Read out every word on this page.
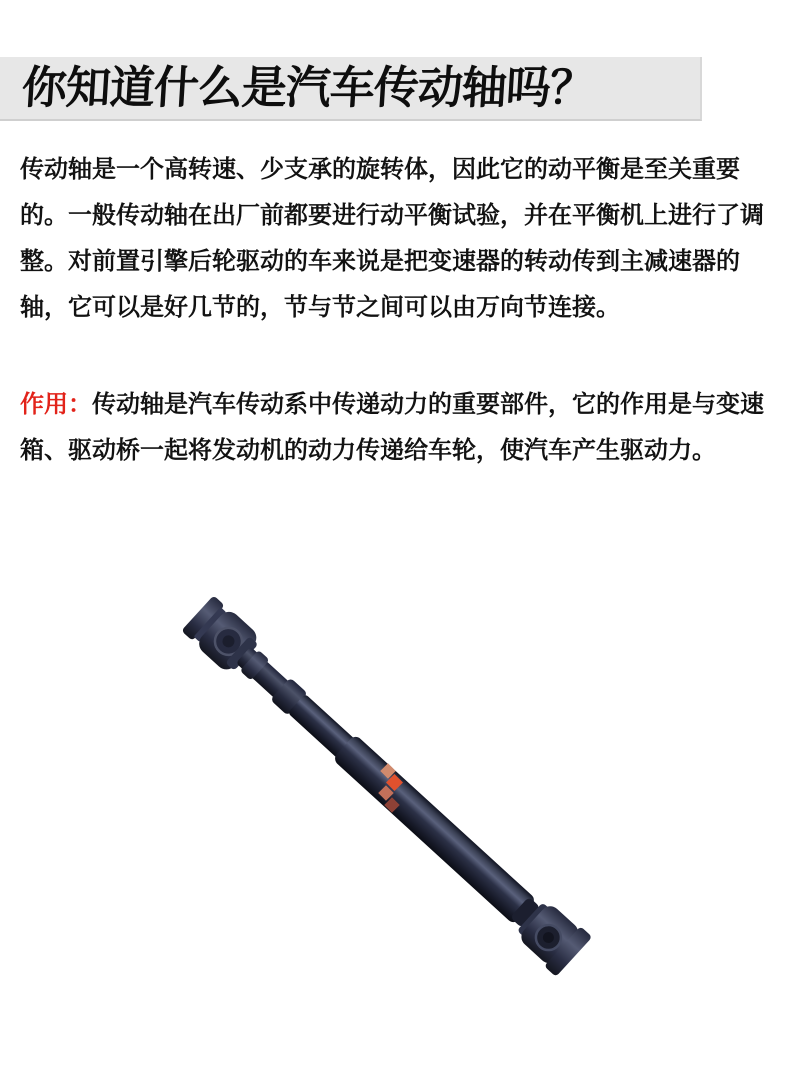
你知道什么是汽车传动轴吗？
传动轴是一个高转速、少支承的旋转体，因此它的动平衡是至关重要
的。一般传动轴在出厂前都要进行动平衡试验，并在平衡机上进行了调
整。对前置引擎后轮驱动的车来说是把变速器的转动传到主减速器的
轴，它可以是好几节的，节与节之间可以由万向节连接。
作用：传动轴是汽车传动系中传递动力的重要部件，它的作用是与变速
箱、驱动桥一起将发动机的动力传递给车轮，使汽车产生驱动力。
